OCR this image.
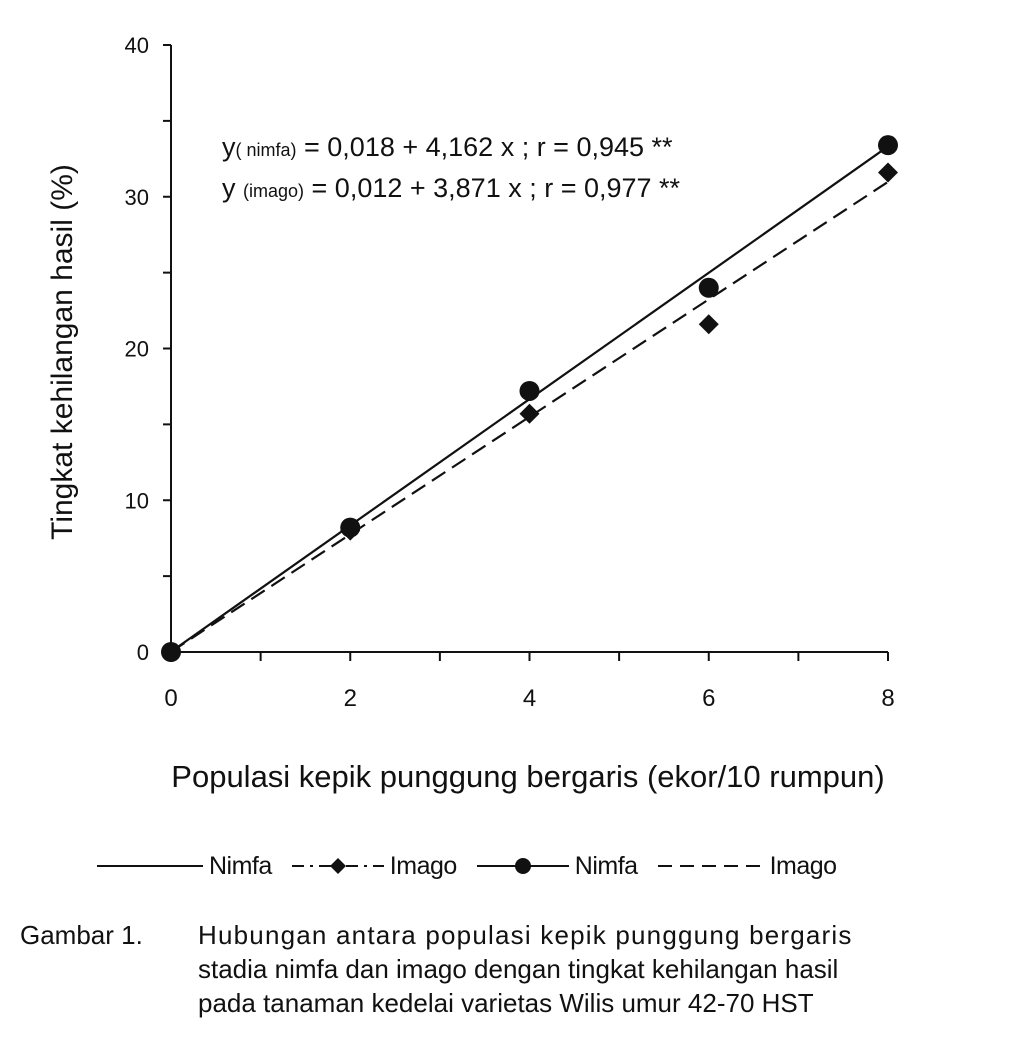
0
10
20
30
40
0	2	4	6	8
Tingkat kehilangan hasil (%)
Populasi kepik punggung bergaris (ekor/10 rumpun)
y( nimfa) = 0,018 + 4,162 x ; r = 0,945 **
y (imago) = 0,012 + 3,871 x ; r = 0,977 **
Nimfa	Imago	Nimfa	Imago
Gambar 1.	Hubungan antara populasi kepik punggung bergaris
stadia nimfa dan imago dengan tingkat kehilangan hasil
pada tanaman kedelai varietas Wilis umur 42-70 HST
